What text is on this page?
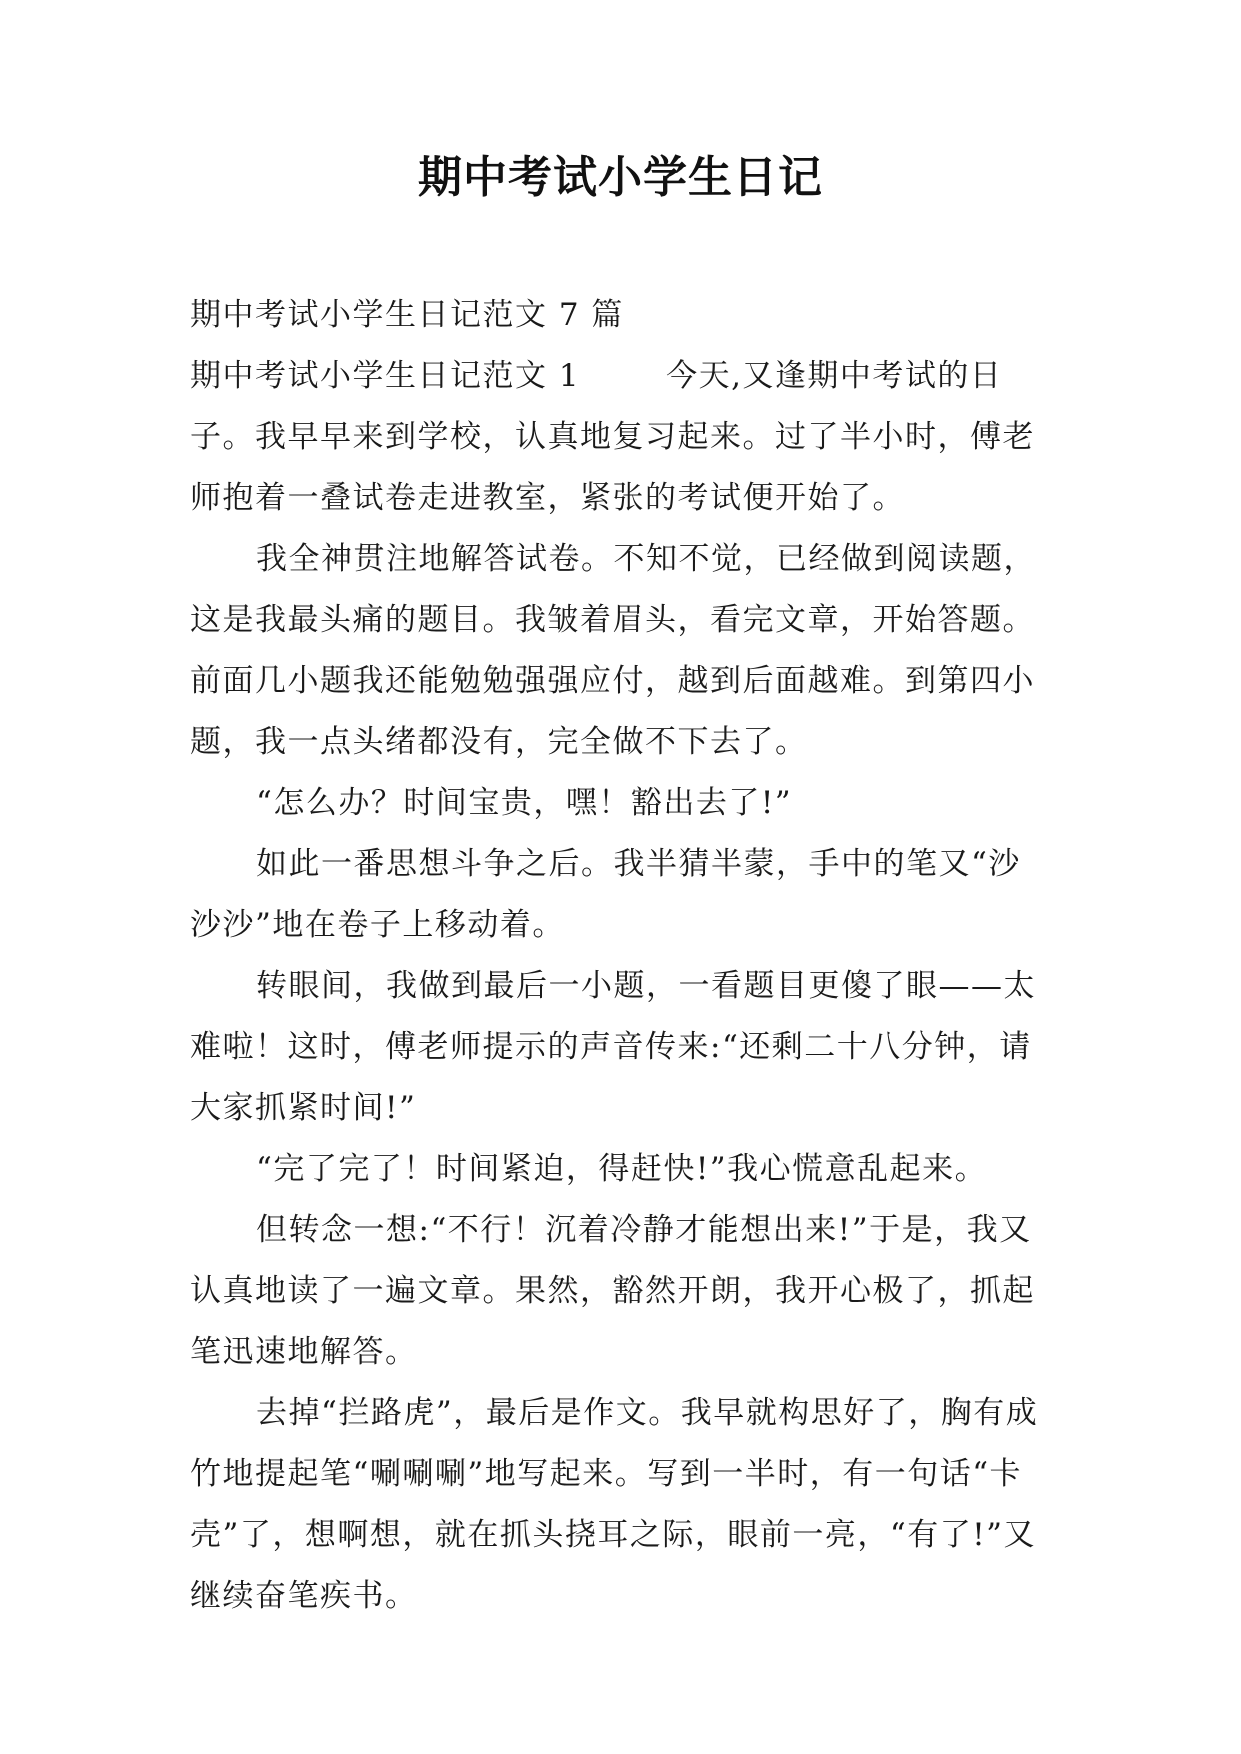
期中考试小学生日记

期中考试小学生日记范文 7 篇

期中考试小学生日记范文 1	今天,又逢期中考试的日子。我早早来到学校，认真地复习起来。过了半小时，傅老师抱着一叠试卷走进教室，紧张的考试便开始了。

我全神贯注地解答试卷。不知不觉，已经做到阅读题，这是我最头痛的题目。我皱着眉头，看完文章，开始答题。前面几小题我还能勉勉强强应付，越到后面越难。到第四小题，我一点头绪都没有，完全做不下去了。

“怎么办？时间宝贵，嘿！豁出去了!”

如此一番思想斗争之后。我半猜半蒙，手中的笔又“沙沙沙”地在卷子上移动着。

转眼间，我做到最后一小题，一看题目更傻了眼——太难啦！这时，傅老师提示的声音传来:“还剩二十八分钟，请大家抓紧时间!”

“完了完了！时间紧迫，得赶快!”我心慌意乱起来。

但转念一想:“不行！沉着冷静才能想出来!”于是，我又认真地读了一遍文章。果然，豁然开朗，我开心极了，抓起笔迅速地解答。

去掉“拦路虎”，最后是作文。我早就构思好了，胸有成竹地提起笔“唰唰唰”地写起来。写到一半时，有一句话“卡壳”了，想啊想，就在抓头挠耳之际，眼前一亮，“有了!”又继续奋笔疾书。
